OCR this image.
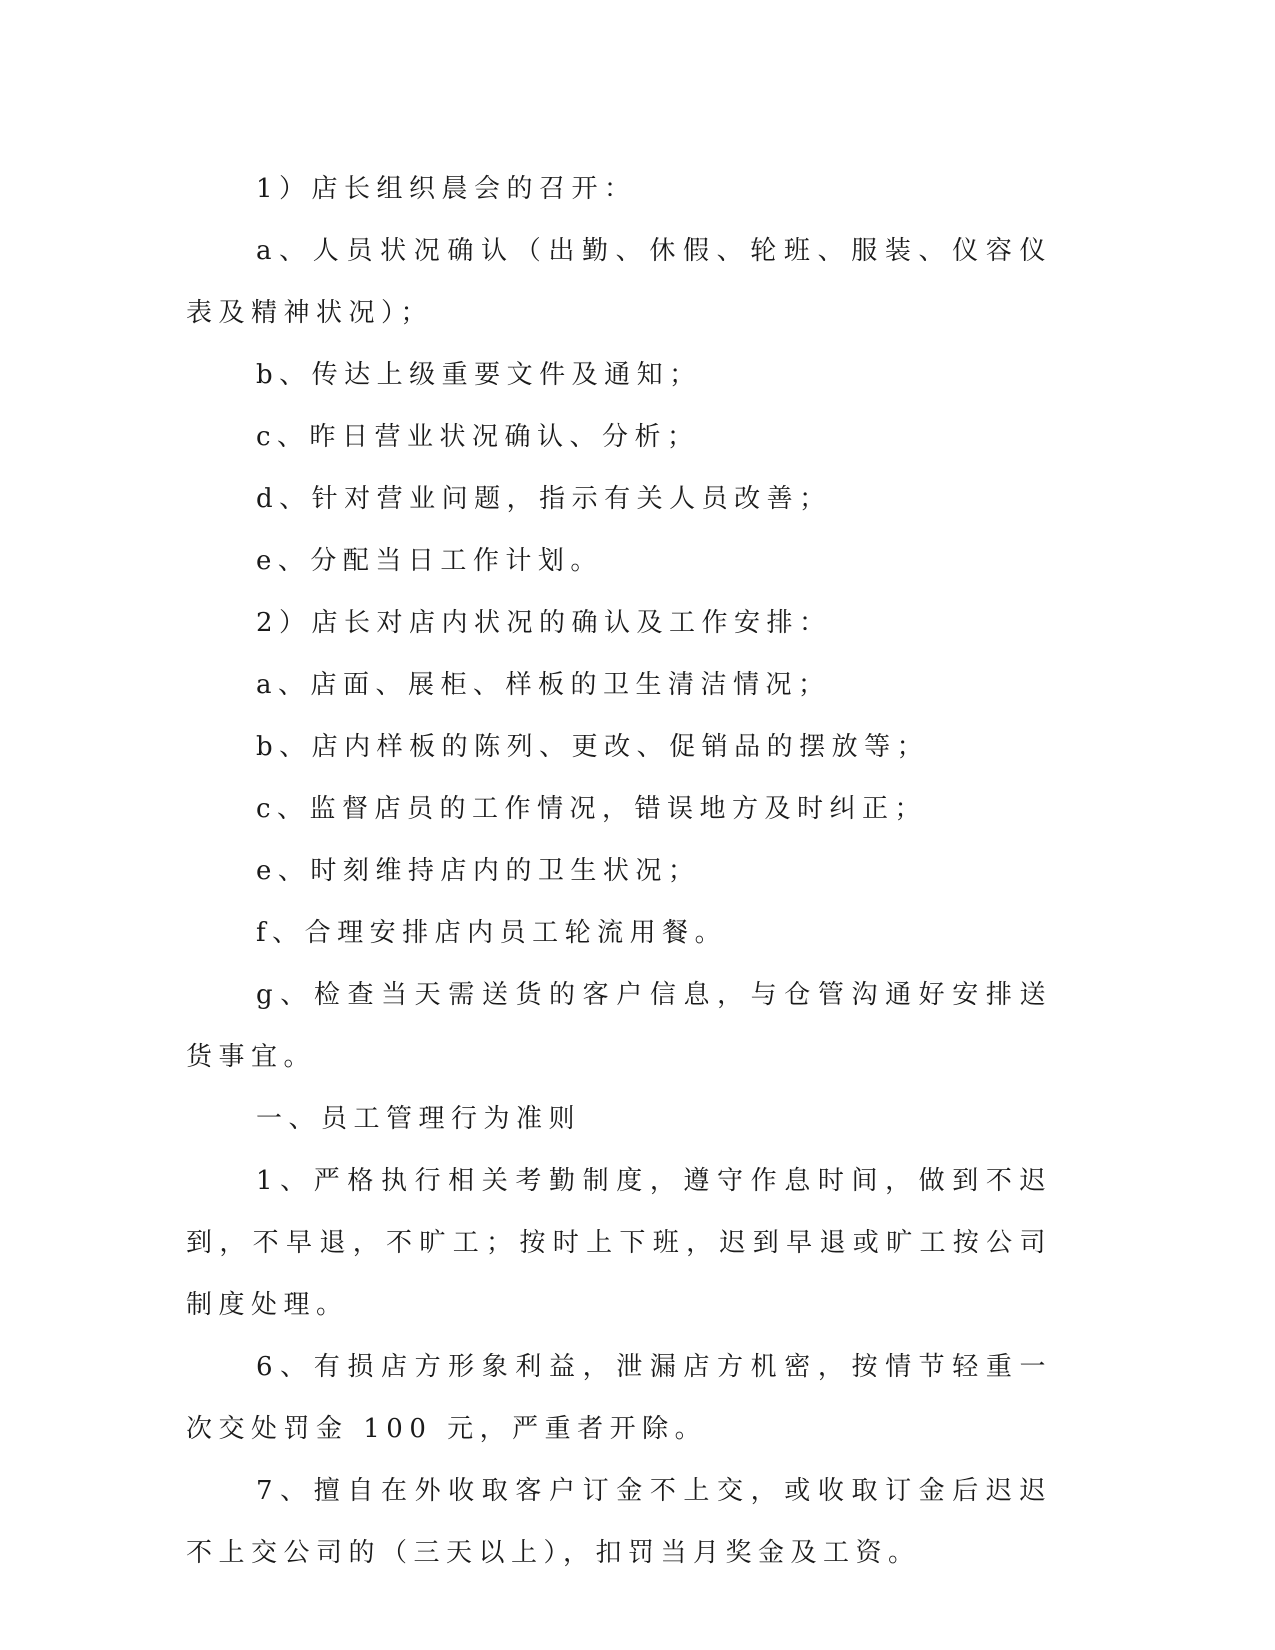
1）店长组织晨会的召开：

a、人员状况确认（出勤、休假、轮班、服装、仪容仪表及精神状况）；

b、传达上级重要文件及通知；

c、昨日营业状况确认、分析；

d、针对营业问题，指示有关人员改善；

e、分配当日工作计划。

2）店长对店内状况的确认及工作安排：

a、店面、展柜、样板的卫生清洁情况；

b、店内样板的陈列、更改、促销品的摆放等；

c、监督店员的工作情况，错误地方及时纠正；

e、时刻维持店内的卫生状况；

f、合理安排店内员工轮流用餐。

g、检查当天需送货的客户信息，与仓管沟通好安排送货事宜。

一、员工管理行为准则

1、严格执行相关考勤制度，遵守作息时间，做到不迟到，不早退，不旷工；按时上下班，迟到早退或旷工按公司制度处理。

6、有损店方形象利益，泄漏店方机密，按情节轻重一次交处罚金 100 元，严重者开除。

7、擅自在外收取客户订金不上交，或收取订金后迟迟不上交公司的（三天以上），扣罚当月奖金及工资。
